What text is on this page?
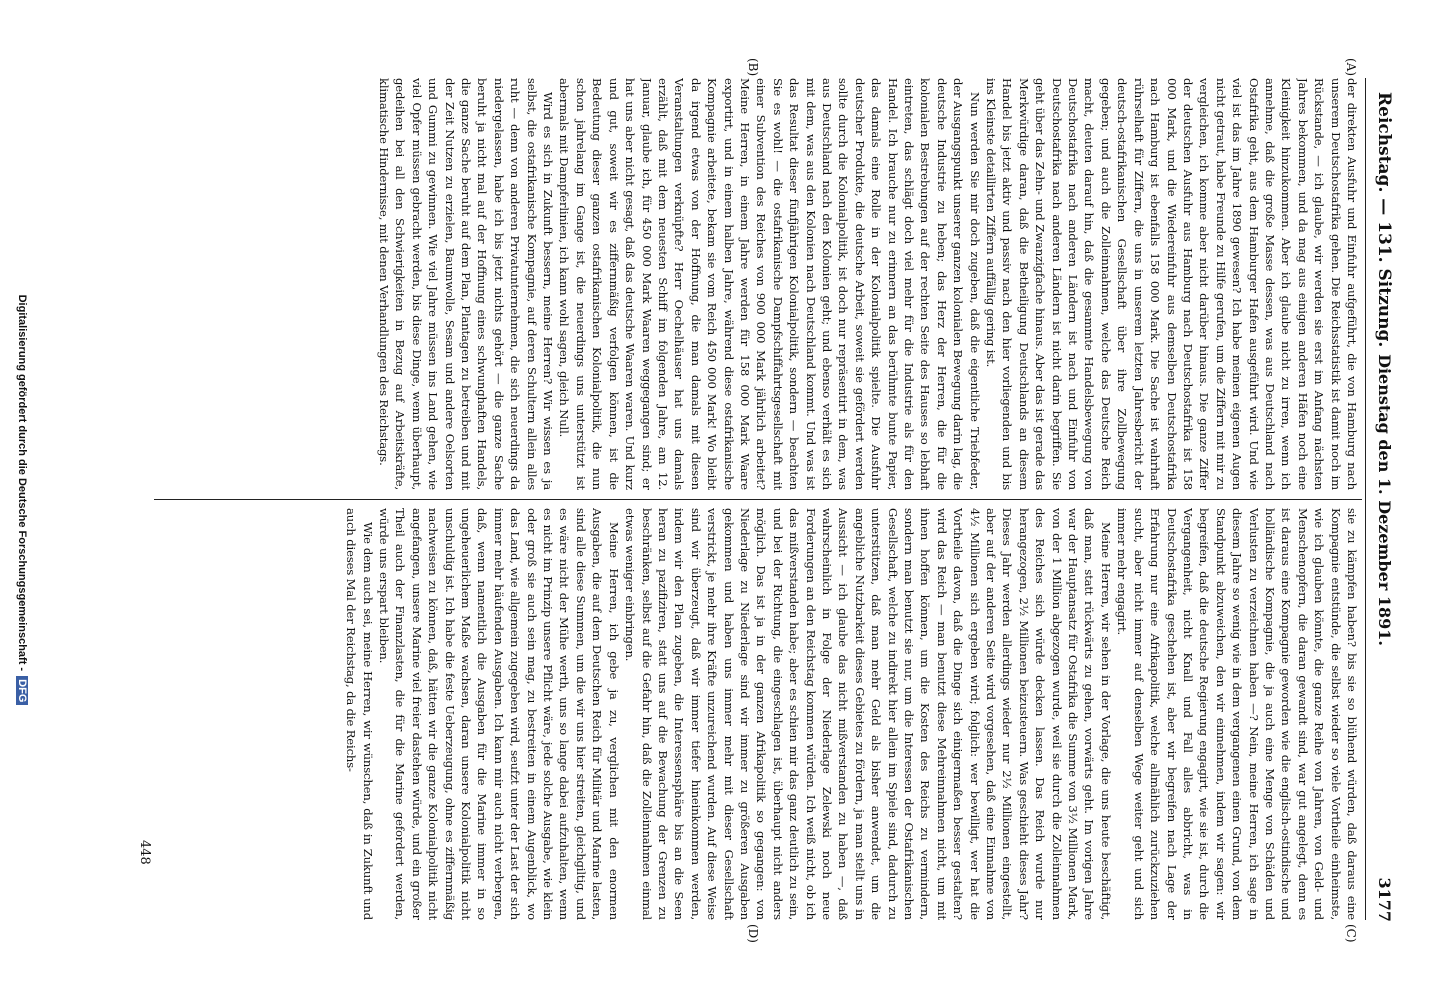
Reichstag. — 131. Sitzung.
Dienstag den 1. Dezember 1891.
3177
(A)
(B)
(C)
(D)

der direkten Ausfuhr und Einfuhr aufgeführt, die von Hamburg nach unserem Deutschostafrika gehen. Die Reichsstatistik ist damit noch im Rückstande, — ich glaube, wir werden sie erst im Anfang nächsten Jahres bekommen, und da mag aus einigen anderen Häfen noch eine Kleinigkeit hinzukommen. Aber ich glaube nicht zu irren, wenn ich annehme, daß die große Masse dessen, was aus Deutschland nach Ostafrika geht, aus dem Hamburger Hafen ausgeführt wird. Und wie viel ist das im Jahre 1890 gewesen? Ich habe meinen eigenen Augen nicht getraut, habe Freunde zu Hilfe gerufen, um die Ziffern mit mir zu vergleichen, ich komme aber nicht darüber hinaus. Die ganze Ziffer der deutschen Ausfuhr aus Hamburg nach Deutschostafrika ist 158 000 Mark, und die Wiedereinfuhr aus demselben Deutschostafrika nach Hamburg ist ebenfalls 158 000 Mark. Die Sache ist wahrhaft rührselhaft für Ziffern, die uns in unserem letzten Jahresbericht der deutsch-ostafrikanischen Gesellschaft über ihre Zollbewegung gegeben; und auch die Zolleinnahmen, welche das Deutsche Reich macht, deuten darauf hin, daß die gesammte Handelsbewegung von Deutschostafrika nach anderen Ländern ist nach und Einfuhr von Deutschostafrika nach anderen Ländern ist nicht darin begriffen. Sie geht über das Zehn- und Zwanzigfache hinaus. Aber das ist gerade das Merkwürdige daran, daß die Betheiligung Deutschlands an diesem Handel bis jetzt aktiv und passiv nach den hier vorliegenden und bis ins Kleinste detaillirten Ziffern auffällig gering ist.

Nun werden Sie mir doch zugeben, daß die eigentliche Triebfeder, der Ausgangspunkt unserer ganzen kolonialen Bewegung darin lag, die deutsche Industrie zu heben; das Herz der Herren, die für die kolonialen Bestrebungen auf der rechten Seite des Hauses so lebhaft eintreten, das schlägt doch viel mehr für die Industrie als für den Handel. Ich brauche nur zu erinnern an das berühmte bunte Papier, das damals eine Rolle in der Kolonialpolitik spielte. Die Ausfuhr deutscher Produkte, die deutsche Arbeit, soweit sie gefördert werden sollte durch die Kolonialpolitik, ist doch nur repräsentirt in dem, was aus Deutschland nach den Kolonien geht; und ebenso verhält es sich mit dem, was aus den Kolonien nach Deutschland kommt. Und was ist das Resultat dieser fünfjährigen Kolonialpolitik, sondern — beachten Sie es wohl! — die ostafrikanische Dampfschiffahrtsgesellschaft mit einer Subvention des Reiches von 900 000 Mark jährlich arbeitet? Meine Herren, in einem Jahre werden für 158 000 Mark Waare exportirt, und in einem halben Jahre, während diese ostafrikanische Kompagnie arbeitete, bekam sie vom Reich 450 000 Mark! Wo bleibt da irgend etwas von der Hoffnung, die man damals mit diesen Veranstaltungen verknüpfte? Herr Oechelhäuser hat uns damals erzählt, daß mit dem neuesten Schiff im folgenden Jahre, am 12. Januar, glaube ich, für 450 000 Mark Waaren weggegangen sind; er hat uns aber nicht gesagt, daß das deutsche Waaren waren. Und kurz und gut, soweit wir es ziffernmäßig verfolgen können, ist die Bedeutung dieser ganzen ostafrikanischen Kolonialpolitik, die nun schon jahrelang im Gange ist, die neuerdings uns unterstützt ist abermals mit Dampferlinien, ich kann wohl sagen, gleich Null.

Wird es sich in Zukunft bessern, meine Herren? Wir wissen es ja selbst, die ostafrikanische Kompagnie, auf deren Schultern allein alles ruht — denn von anderen Privatunternehmen, die sich neuerdings da niedergelassen, habe ich bis jetzt nichts gehört — die ganze Sache beruht ja nicht mal auf der Hoffnung eines schwunghaften Handels, die ganze Sache beruht auf dem Plan, Plantagen zu betreiben und mit der Zeit Nutzen zu erzielen, Baumwolle, Sesam und andere Oelsorten und Gummi zu gewinnen. Wie viel Jahre müssen ins Land gehen, wie viel Opfer müssen gebracht werden, bis diese Dinge, wenn überhaupt, gedeihen bei all den Schwierigkeiten in Bezug auf Arbeitskräfte, klimatische Hindernisse, mit denen Verhandlungen des Reichstags.

sie zu kämpfen haben? bis sie so blühend würden, daß daraus eine Kompagnie entstünde, die selbst wieder so viele Vortheile einheimste, wie ich glauben könnte, die ganze Reihe von Jahren, von Geld- und Menschenopfern, die daran gewandt sind, war gut angelegt, denn es ist daraus eine Kompagnie geworden wie die englisch-ostindische und holländische Kompagnie, die ja auch eine Menge von Schäden und Verlusten zu verzeichnen haben —? Nein, meine Herren, ich sage in diesem Jahre so wenig wie in dem vergangenen einen Grund, von dem Standpunkt abzuweichen, den wir einnehmen, indem wir sagen: wir begreifen, daß die deutsche Regierung engagirt, wie sie ist, durch die Vergangenheit, nicht Knall und Fall alles abbricht, was in Deutschostafrika geschehen ist, aber wir begreifen nach Lage der Erfahrung nur eine Afrikapolitik, welche allmählich zurückzuziehen sucht, aber nicht immer auf denselben Wege weiter geht und sich immer mehr engagirt.

Meine Herren, wir sehen in der Vorlage, die uns heute beschäftigt, daß man, statt rückwärts zu gehen, vorwärts geht. Im vorigen Jahre war der Hauptansatz für Ostafrika die Summe von 3½ Millionen Mark, von der 1 Million abgezogen wurde, weil sie durch die Zolleinnahmen des Reiches sich würde decken lassen. Das Reich wurde nur herangezogen, 2½ Millionen beizusteuern. Was geschieht dieses Jahr? Dieses Jahr werden allerdings wieder nur 2½ Millionen eingestellt, aber auf der anderen Seite wird vorgesehen, daß eine Einnahme von 4½ Millionen sich ergeben wird; folglich: wer bewilligt, wer hat die Vortheile davon, daß die Dinge sich einigermaßen besser gestalten? wird das Reich — man benutzt diese Mehreinnahmen nicht, um mit ihnen hoffen können, um die Kosten des Reichs zu vermindern, sondern man benutzt sie nur, um die Interessen der Ostafrikanischen Gesellschaft, welche zu indirekt hier allein im Spiele sind, dadurch zu unterstützen, daß man mehr Geld als bisher anwendet, um die angebliche Nutzbarkeit dieses Gebietes zu fördern, ja man stellt uns in Aussicht — ich glaube das nicht mißverstanden zu haben —, daß wahrscheinlich in Folge der Niederlage Zelewski noch neue Forderungen an den Reichstag kommen würden. Ich weiß nicht, ob ich das mißverstanden habe; aber es schien mir das ganz deutlich zu sein, und bei der Richtung, die eingeschlagen ist, überhaupt nicht anders möglich. Das ist ja in der ganzen Afrikapolitik so gegangen: von Niederlage zu Niederlage sind wir immer zu größeren Ausgaben gekommen und haben uns immer mehr mit dieser Gesellschaft verstrickt, je mehr ihre Kräfte unzureichend wurden. Auf diese Weise sind wir überzeugt, daß wir immer tiefer hineinkommen werden, indem wir den Plan zugeben, die Interessensphäre bis an die Seen heran zu pazifiziren, statt uns auf die Bewachung der Grenzen zu beschränken, selbst auf die Gefahr hin, daß die Zolleinnahmen einmal etwas weniger einbringen.

Meine Herren, ich gebe ja zu, verglichen mit den enormen Ausgaben, die auf dem Deutschen Reich für Militär und Marine lasten, sind alle diese Summen, um die wir uns hier streiten, gleichgiltig, und es wäre nicht der Mühe werth, uns so lange dabei aufzuhalten, wenn es nicht im Prinzip unsere Pflicht wäre, jede solche Ausgabe, wie klein oder groß sie auch sein mag, zu bestreiten in einem Augenblick, wo das Land, wie allgemein zugegeben wird, seufzt unter der Last der sich immer mehr häufenden Ausgaben. Ich kann mir auch nicht verbergen, daß, wenn namentlich die Ausgaben für die Marine immer in so ungeheuerlichem Maße wachsen, daran unsere Kolonialpolitik nicht unschuldig ist. Ich habe die feste Ueberzeugung, ohne es ziffernmäßig nachweisen zu können, daß, hätten wir die ganze Kolonialpolitik nicht angefangen, unsere Marine viel freier dastehen würde, und ein großer Theil auch der Finanzlasten, die für die Marine gefordert werden, würde uns erspart bleiben.

Wie dem auch sei, meine Herren, wir wünschen, daß in Zukunft und auch dieses Mal der Reichstag, da die Reichs-

448
Digitalisierung gefördert durch die Deutsche Forschungsgemeinschaft - DFG
